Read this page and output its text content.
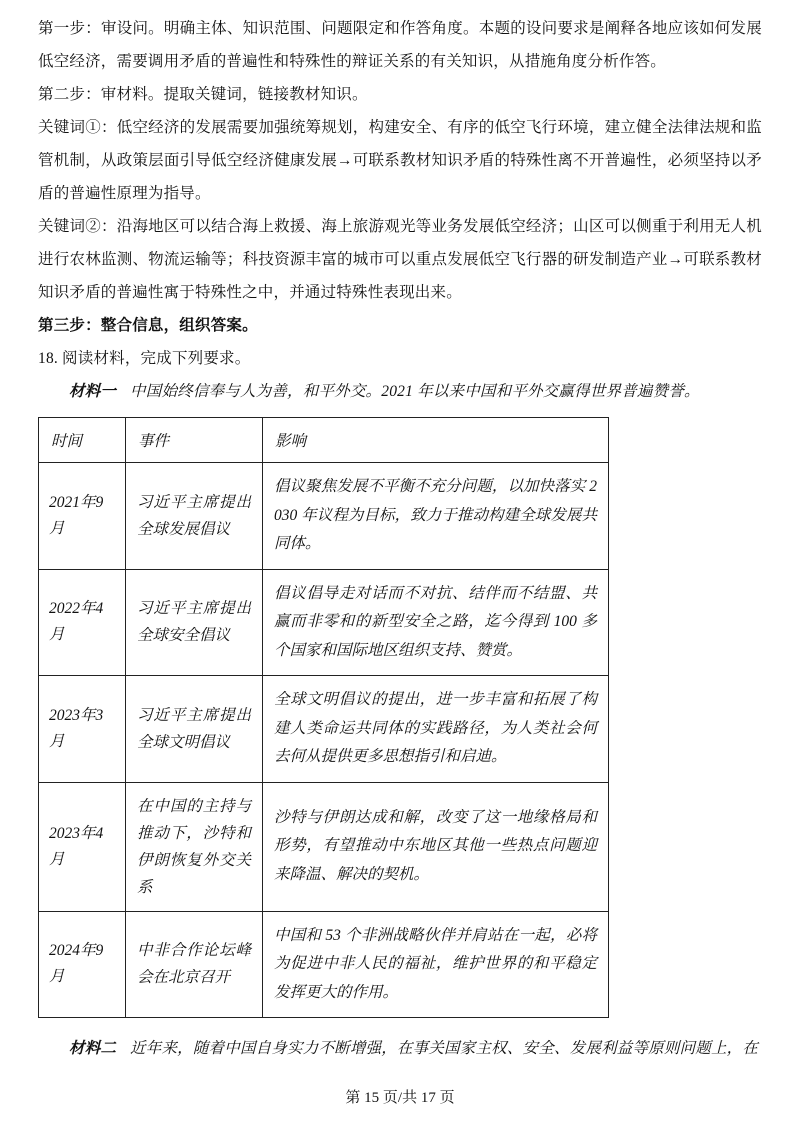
第一步：审设问。明确主体、知识范围、问题限定和作答角度。本题的设问要求是阐释各地应该如何发展低空经济，需要调用矛盾的普遍性和特殊性的辩证关系的有关知识，从措施角度分析作答。

第二步：审材料。提取关键词，链接教材知识。

关键词①：低空经济的发展需要加强统筹规划，构建安全、有序的低空飞行环境，建立健全法律法规和监管机制，从政策层面引导低空经济健康发展→可联系教材知识矛盾的特殊性离不开普遍性，必须坚持以矛盾的普遍性原理为指导。

关键词②：沿海地区可以结合海上救援、海上旅游观光等业务发展低空经济；山区可以侧重于利用无人机进行农林监测、物流运输等；科技资源丰富的城市可以重点发展低空飞行器的研发制造产业→可联系教材知识矛盾的普遍性寓于特殊性之中，并通过特殊性表现出来。

第三步：整合信息，组织答案。

18. 阅读材料，完成下列要求。

材料一 中国始终信奉与人为善，和平外交。2021 年以来中国和平外交赢得世界普遍赞誉。

时间	事件	影响
2021年9月	习近平主席提出全球发展倡议	倡议聚焦发展不平衡不充分问题，以加快落实 2030 年议程为目标，致力于推动构建全球发展共同体。
2022年4月	习近平主席提出全球安全倡议	倡议倡导走对话而不对抗、结伴而不结盟、共赢而非零和的新型安全之路，迄今得到 100 多个国家和国际地区组织支持、赞赏。
2023年3月	习近平主席提出全球文明倡议	全球文明倡议的提出，进一步丰富和拓展了构建人类命运共同体的实践路径，为人类社会何去何从提供更多思想指引和启迪。
2023年4月	在中国的主持与推动下，沙特和伊朗恢复外交关系	沙特与伊朗达成和解，改变了这一地缘格局和形势，有望推动中东地区其他一些热点问题迎来降温、解决的契机。
2024年9月	中非合作论坛峰会在北京召开	中国和 53 个非洲战略伙伴并肩站在一起，必将为促进中非人民的福祉，维护世界的和平稳定发挥更大的作用。

材料二 近年来，随着中国自身实力不断增强，在事关国家主权、安全、发展利益等原则问题上，在

第 15 页/共 17 页
